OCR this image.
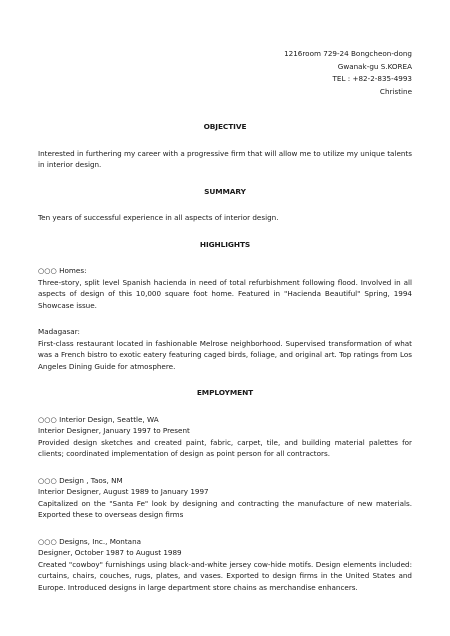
1216room 729-24 Bongcheon-dong
Gwanak-gu S.KOREA
TEL : +82-2-835-4993
Christine
OBJECTIVE
Interested in furthering my career with a progressive firm that will allow me to utilize my unique talents in interior design.
SUMMARY
Ten years of successful experience in all aspects of interior design.
HIGHLIGHTS
○○○ Homes:
Three-story, split level Spanish hacienda in need of total refurbishment following flood. Involved in all aspects of design of this 10,000 square foot home. Featured in "Hacienda Beautiful" Spring, 1994 Showcase issue.
Madagasar:
First-class restaurant located in fashionable Melrose neighborhood. Supervised transformation of what was a French bistro to exotic eatery featuring caged birds, foliage, and original art. Top ratings from Los Angeles Dining Guide for atmosphere.
EMPLOYMENT
○○○ Interior Design, Seattle, WA
Interior Designer, January 1997 to Present
Provided design sketches and created paint, fabric, carpet, tile, and building material palettes for clients; coordinated implementation of design as point person for all contractors.
○○○ Design , Taos, NM
Interior Designer, August 1989 to January 1997
Capitalized on the "Santa Fe" look by designing and contracting the manufacture of new materials. Exported these to overseas design firms
○○○ Designs, Inc., Montana
Designer, October 1987 to August 1989
Created "cowboy" furnishings using black-and-white jersey cow-hide motifs. Design elements included: curtains, chairs, couches, rugs, plates, and vases. Exported to design firms in the United States and Europe. Introduced designs in large department store chains as merchandise enhancers.
